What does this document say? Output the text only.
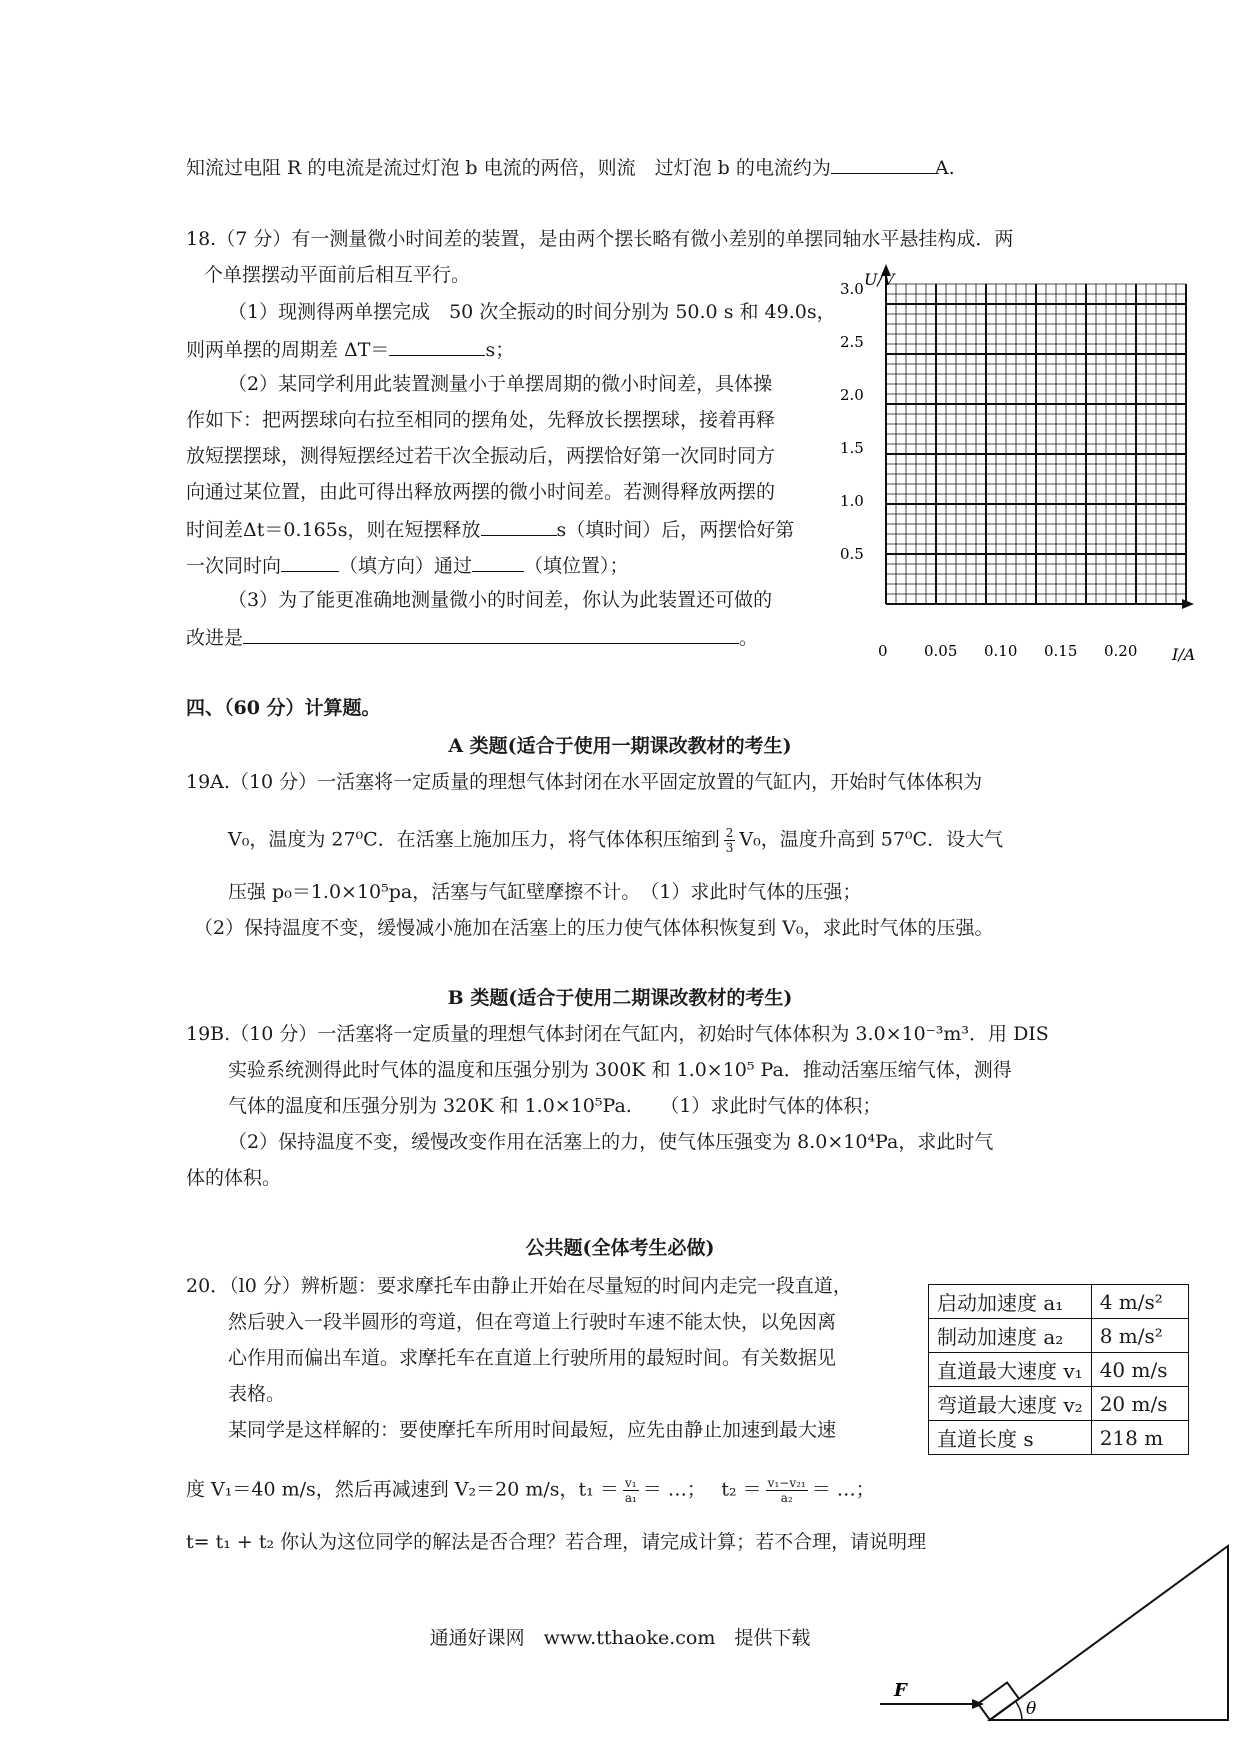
知流过电阻 R 的电流是流过灯泡 b 电流的两倍，则流　过灯泡 b 的电流约为	A.
18.（7 分）有一测量微小时间差的装置，是由两个摆长略有微小差别的单摆同轴水平悬挂构成．两
个单摆摆动平面前后相互平行。
（1）现测得两单摆完成　50 次全振动的时间分别为 50.0 s 和 49.0s，
则两单摆的周期差 ΔT＝	s；
（2）某同学利用此装置测量小于单摆周期的微小时间差，具体操
作如下：把两摆球向右拉至相同的摆角处，先释放长摆摆球，接着再释
放短摆摆球，测得短摆经过若干次全振动后，两摆恰好第一次同时同方
向通过某位置，由此可得出释放两摆的微小时间差。若测得释放两摆的
时间差Δt＝0.165s，则在短摆释放	s（填时间）后，两摆恰好第
一次同时向	（填方向）通过	（填位置）；
（3）为了能更准确地测量微小的时间差，你认为此装置还可做的
改进是	。
U/V
I/A
3.0
2.5
2.0
1.5
1.0
0.5
0 0.05 0.10 0.15 0.20
四、（60 分）计算题。
A 类题(适合于使用一期课改教材的考生)
19A.（10 分）一活塞将一定质量的理想气体封闭在水平固定放置的气缸内，开始时气体体积为
V₀，温度为 27⁰C．在活塞上施加压力，将气体体积压缩到 $\frac{2}{3} V_0$，温度升高到 57⁰C．设大气
压强 p₀＝1.0×10⁵pa，活塞与气缸壁摩擦不计。　（1）求此时气体的压强；
（2）保持温度不变，缓慢减小施加在活塞上的压力使气体体积恢复到 V₀，求此时气体的压强。
B 类题(适合于使用二期课改教材的考生)
19B.（10 分）一活塞将一定质量的理想气体封闭在气缸内，初始时气体体积为 3.0×10⁻³m³．用 DIS
实验系统测得此时气体的温度和压强分别为 300K 和 1.0×10⁵ Pa．推动活塞压缩气体，测得
气体的温度和压强分别为 320K 和 1.0×10⁵Pa.　　（1）求此时气体的体积；
（2）保持温度不变，缓慢改变作用在活塞上的力，使气体压强变为 8.0×10⁴Pa，求此时气
体的体积。
公共题(全体考生必做)
20．（l0 分）辨析题：要求摩托车由静止开始在尽量短的时间内走完一段直道，
然后驶入一段半圆形的弯道，但在弯道上行驶时车速不能太快，以免因离
心作用而偏出车道。求摩托车在直道上行驶所用的最短时间。有关数据见
表格。
某同学是这样解的：要使摩托车所用时间最短，应先由静止加速到最大速
度 V₁＝40 m/s，然后再减速到 V₂＝20 m/s，$t_1 = \frac{\text{v₁}}{\text{a₁}}$ ＝ …；　 $t_2 = \frac{\text{v₁−v₂₁}}{\text{a₂}}$ ＝ …；
t= t₁ + t₂ 你认为这位同学的解法是否合理？若合理，请完成计算；若不合理，请说明理
启动加速度 a₁	4 m/s²
制动加速度 a₂	8 m/s²
直道最大速度 v₁	40 m/s
弯道最大速度 v₂	20 m/s
直道长度 s	218 m
通通好课网　www.tthaoke.com　提供下载
F
θ
